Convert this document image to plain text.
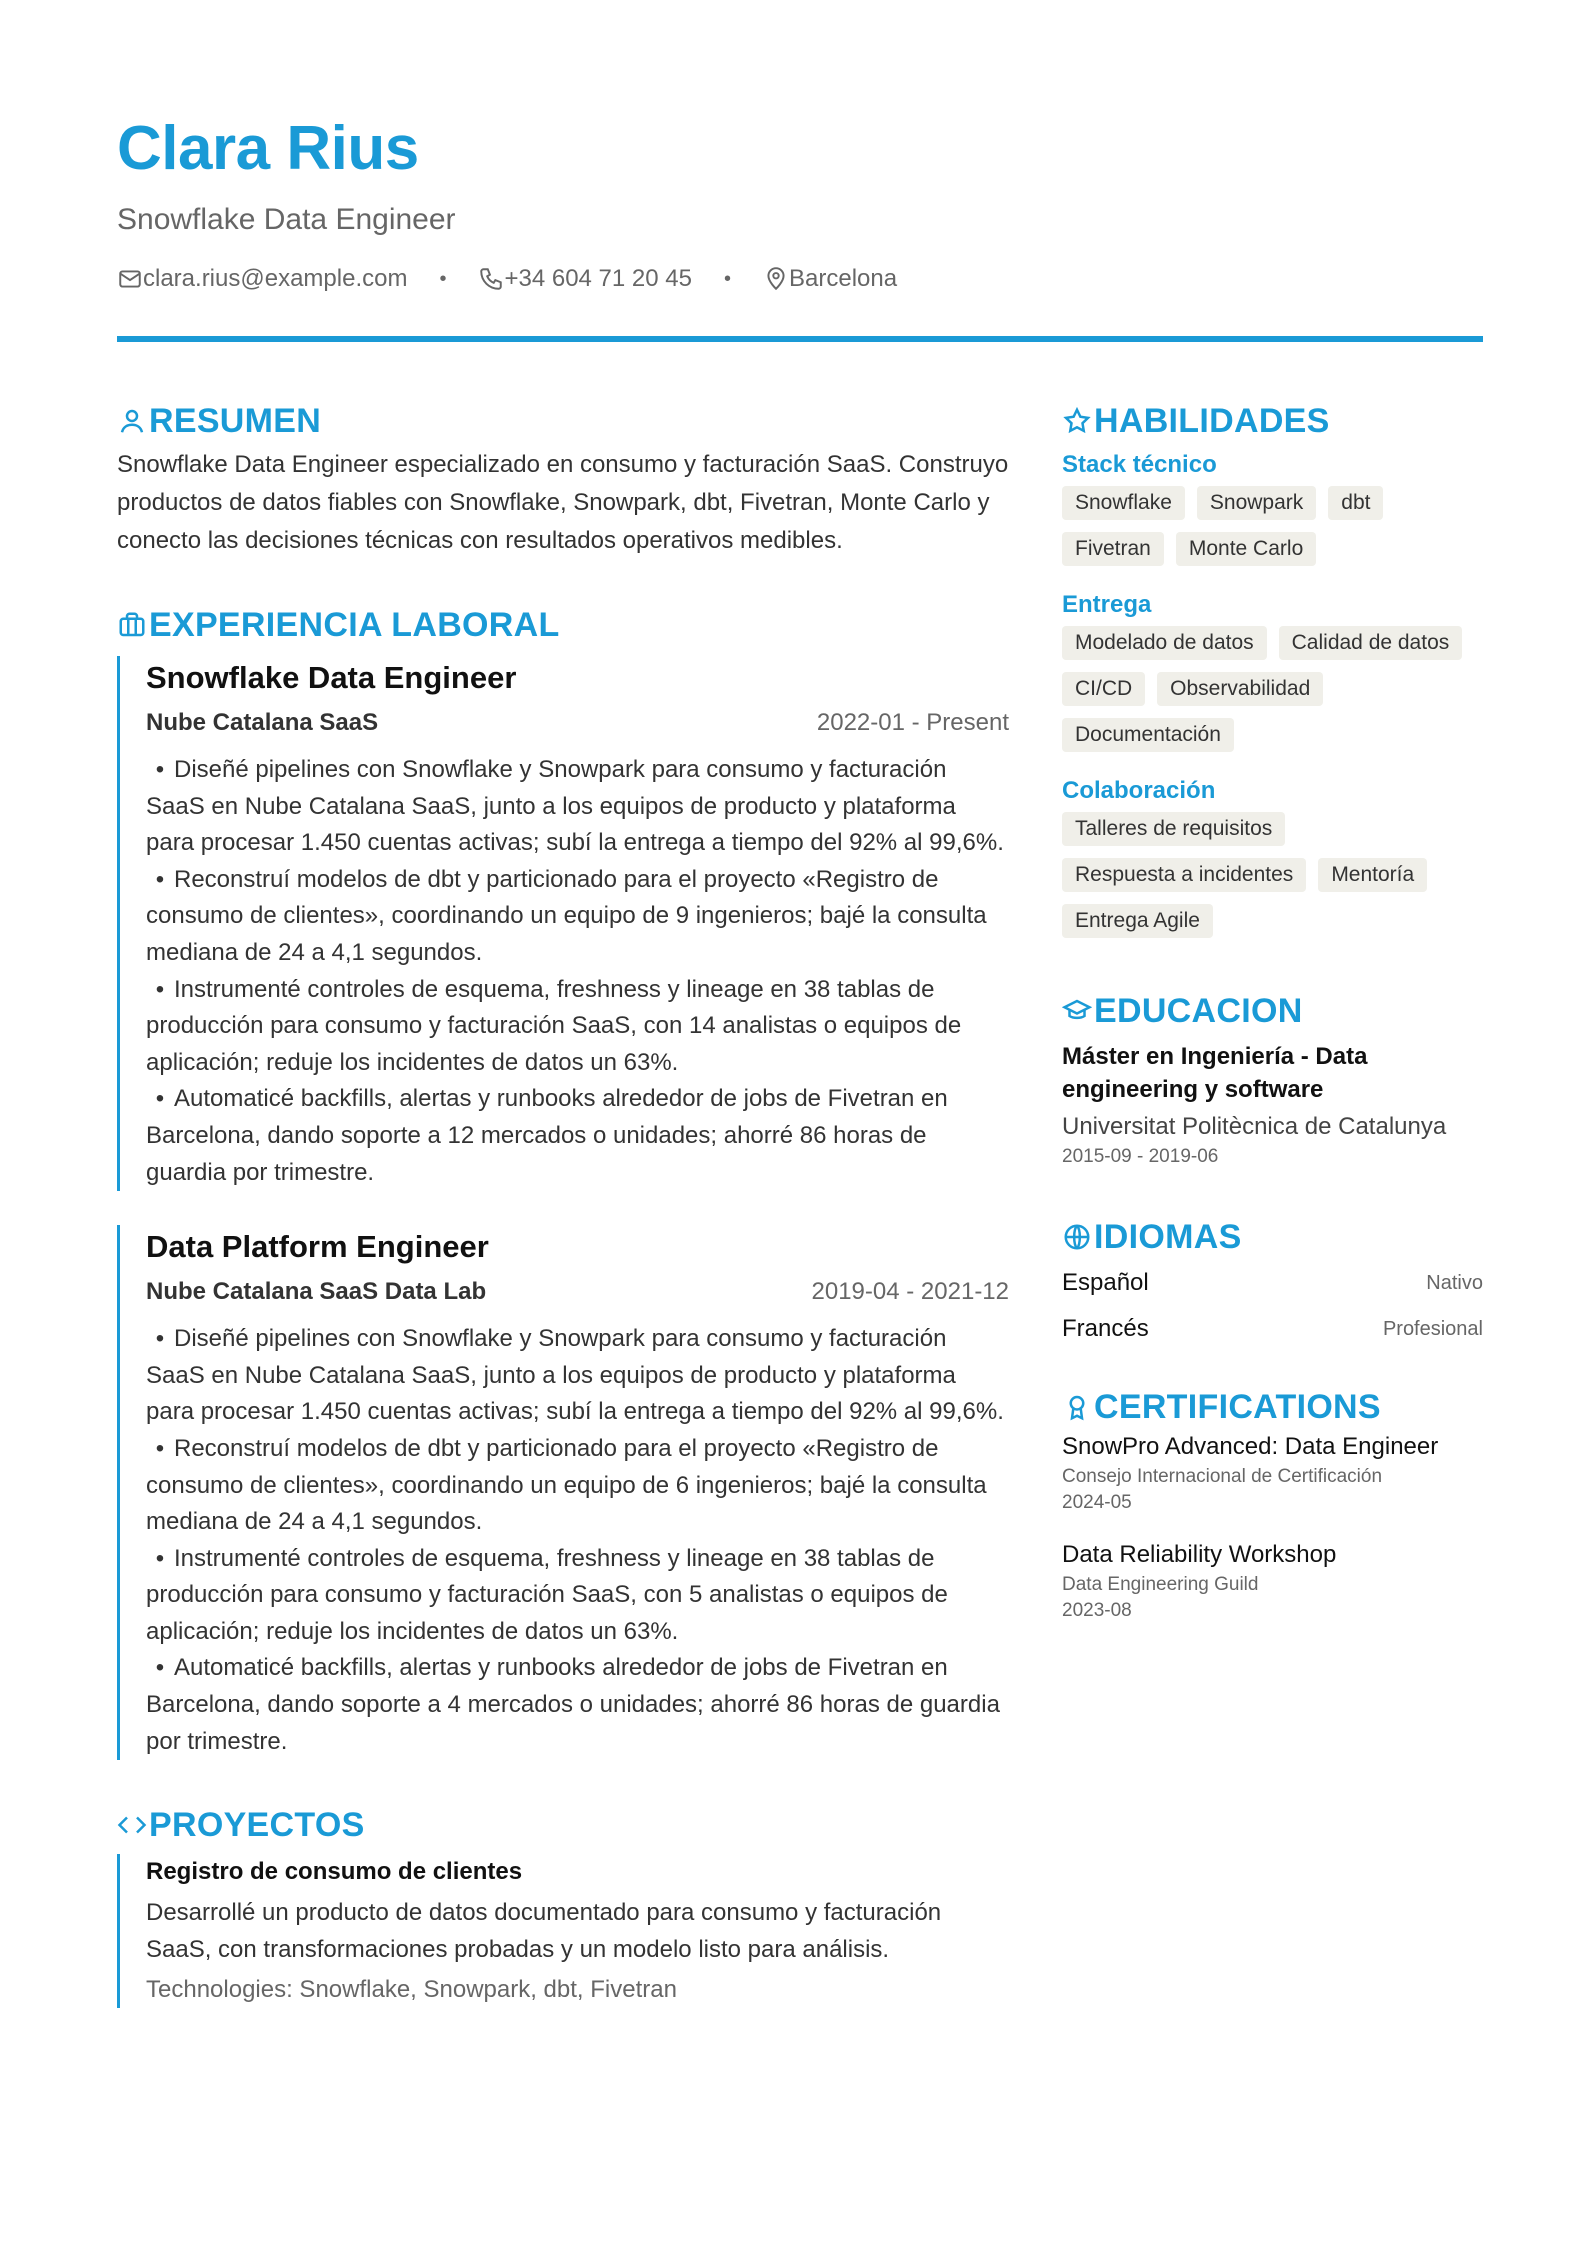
Clara Rius
Snowflake Data Engineer
clara.rius@example.com • +34 604 71 20 45 • Barcelona
RESUMEN
Snowflake Data Engineer especializado en consumo y facturación SaaS. Construyo productos de datos fiables con Snowflake, Snowpark, dbt, Fivetran, Monte Carlo y conecto las decisiones técnicas con resultados operativos medibles.
EXPERIENCIA LABORAL
Snowflake Data Engineer
Nube Catalana SaaS	2022-01 - Present
• Diseñé pipelines con Snowflake y Snowpark para consumo y facturación SaaS en Nube Catalana SaaS, junto a los equipos de producto y plataforma para procesar 1.450 cuentas activas; subí la entrega a tiempo del 92% al 99,6%.
• Reconstruí modelos de dbt y particionado para el proyecto «Registro de consumo de clientes», coordinando un equipo de 9 ingenieros; bajé la consulta mediana de 24 a 4,1 segundos.
• Instrumenté controles de esquema, freshness y lineage en 38 tablas de producción para consumo y facturación SaaS, con 14 analistas o equipos de aplicación; reduje los incidentes de datos un 63%.
• Automaticé backfills, alertas y runbooks alrededor de jobs de Fivetran en Barcelona, dando soporte a 12 mercados o unidades; ahorré 86 horas de guardia por trimestre.
Data Platform Engineer
Nube Catalana SaaS Data Lab	2019-04 - 2021-12
• Diseñé pipelines con Snowflake y Snowpark para consumo y facturación SaaS en Nube Catalana SaaS, junto a los equipos de producto y plataforma para procesar 1.450 cuentas activas; subí la entrega a tiempo del 92% al 99,6%.
• Reconstruí modelos de dbt y particionado para el proyecto «Registro de consumo de clientes», coordinando un equipo de 6 ingenieros; bajé la consulta mediana de 24 a 4,1 segundos.
• Instrumenté controles de esquema, freshness y lineage en 38 tablas de producción para consumo y facturación SaaS, con 5 analistas o equipos de aplicación; reduje los incidentes de datos un 63%.
• Automaticé backfills, alertas y runbooks alrededor de jobs de Fivetran en Barcelona, dando soporte a 4 mercados o unidades; ahorré 86 horas de guardia por trimestre.
PROYECTOS
Registro de consumo de clientes
Desarrollé un producto de datos documentado para consumo y facturación SaaS, con transformaciones probadas y un modelo listo para análisis.
Technologies: Snowflake, Snowpark, dbt, Fivetran
HABILIDADES
Stack técnico
Snowflake	Snowpark	dbt
Fivetran	Monte Carlo
Entrega
Modelado de datos	Calidad de datos
CI/CD	Observabilidad
Documentación
Colaboración
Talleres de requisitos
Respuesta a incidentes	Mentoría
Entrega Agile
EDUCACION
Máster en Ingeniería - Data engineering y software
Universitat Politècnica de Catalunya
2015-09 - 2019-06
IDIOMAS
Español	Nativo
Francés	Profesional
CERTIFICATIONS
SnowPro Advanced: Data Engineer
Consejo Internacional de Certificación
2024-05
Data Reliability Workshop
Data Engineering Guild
2023-08
